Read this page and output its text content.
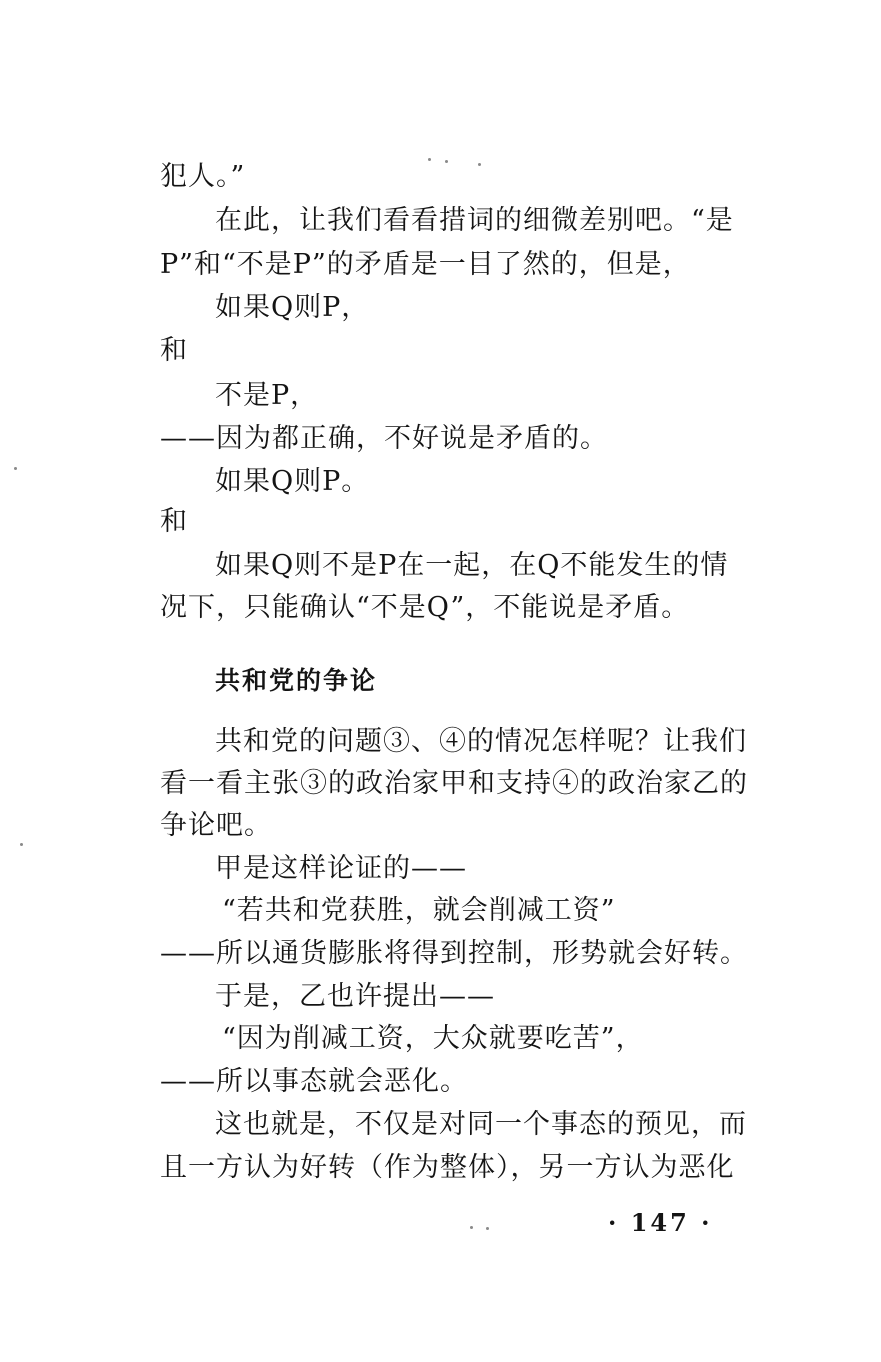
犯人。”
在此，让我们看看措词的细微差别吧。“是
P”和“不是P”的矛盾是一目了然的，但是，
如果Q则P，
和
不是P，
——因为都正确，不好说是矛盾的。
如果Q则P。
和
如果Q则不是P在一起，在Q不能发生的情
况下，只能确认“不是Q”，不能说是矛盾。
共和党的争论
共和党的问题③、④的情况怎样呢？让我们
看一看主张③的政治家甲和支持④的政治家乙的
争论吧。
甲是这样论证的——
“若共和党获胜，就会削减工资”
——所以通货膨胀将得到控制，形势就会好转。
于是，乙也许提出——
“因为削减工资，大众就要吃苦”，
——所以事态就会恶化。
这也就是，不仅是对同一个事态的预见，而
且一方认为好转（作为整体），另一方认为恶化
· 147 ·
